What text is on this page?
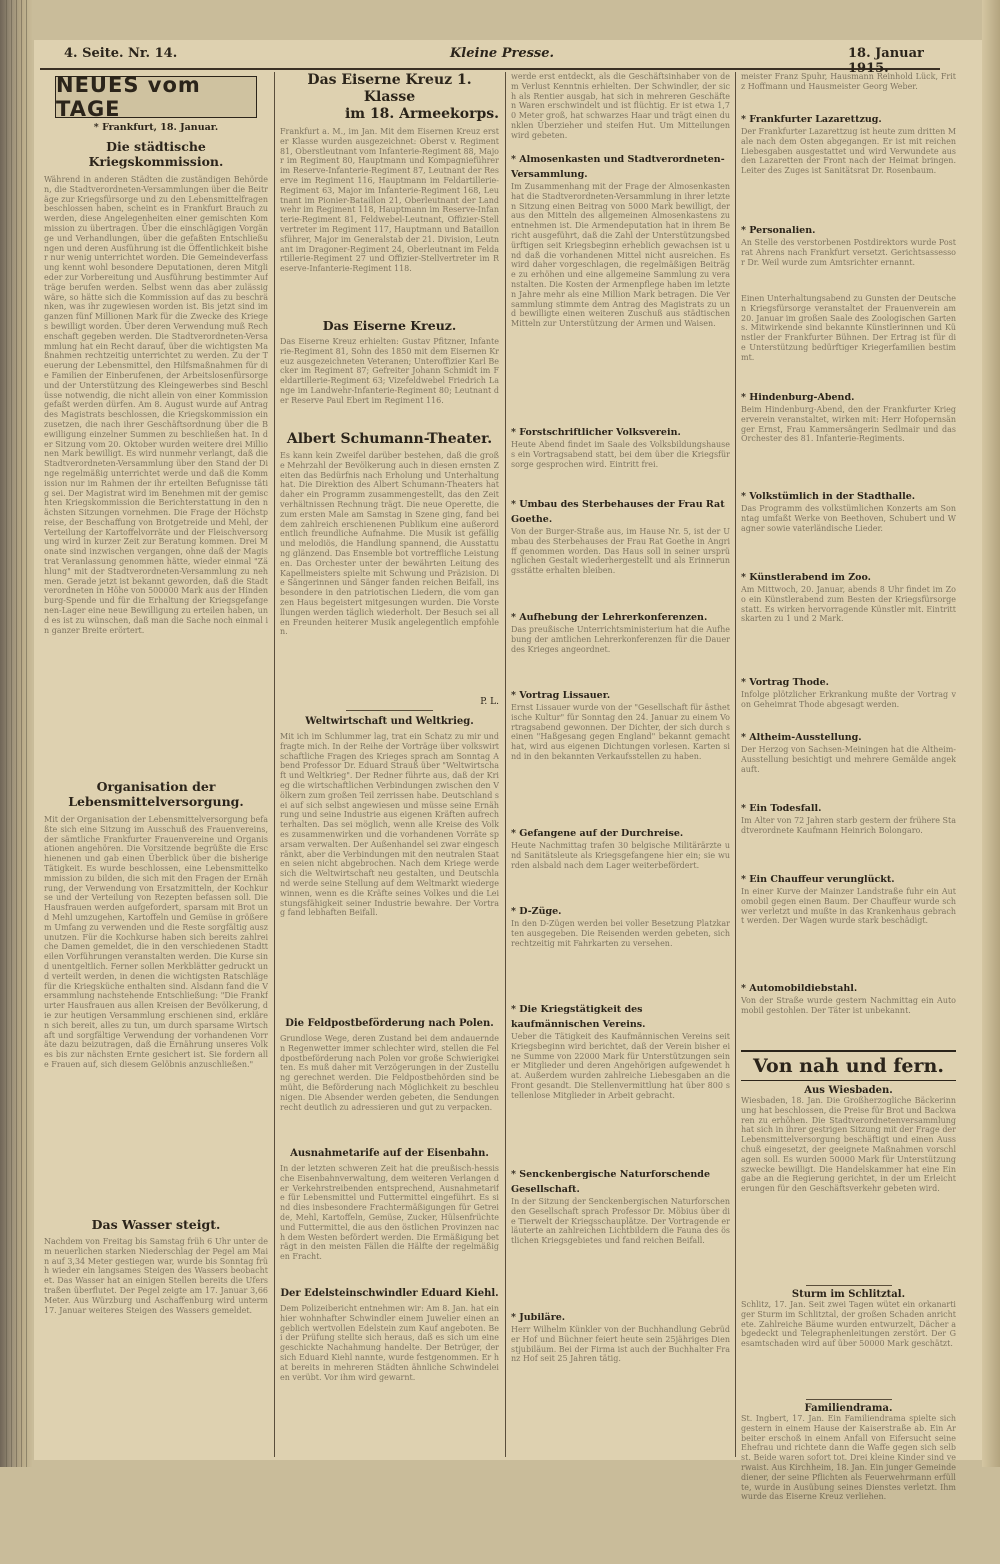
4. Seite. Nr. 14.	Kleine Presse.	18. Januar 1915.
NEUES vom TAGE
* Frankfurt, 18. Januar.
Die städtische Kriegskommission.

Während in anderen Städten die zuständigen Behörden, die Stadtverordneten-Versammlungen über die Beiträge zur Kriegsfürsorge und zu den Lebensmittelfragen beschlossen haben, scheint es in Frankfurt Brauch zu werden, diese Angelegenheiten einer gemischten Kommission zu übertragen. Über die einschlägigen Vorgänge und Verhandlungen, über die gefaßten Entschließungen und deren Ausführung ist die Öffentlichkeit bisher nur wenig unterrichtet worden. Die Gemeindeverfassung kennt wohl besondere Deputationen, deren Mitglieder zur Vorbereitung und Ausführung bestimmter Aufträge berufen werden. Selbst wenn das aber zulässig wäre, so hätte sich die Kommission auf das zu beschränken, was ihr zugewiesen worden ist. Bis jetzt sind im ganzen fünf Millionen Mark für die Zwecke des Krieges bewilligt worden. Über deren Verwendung muß Rechenschaft gegeben werden. Die Stadtverordneten-Versammlung hat ein Recht darauf, über die wichtigsten Maßnahmen rechtzeitig unterrichtet zu werden. Zu der Teuerung der Lebensmittel, den Hilfsmaßnahmen für die Familien der Einberufenen, der Arbeitslosenfürsorge und der Unterstützung des Kleingewerbes sind Beschlüsse notwendig, die nicht allein von einer Kommission gefaßt werden dürfen. Am 8. August wurde auf Antrag des Magistrats beschlossen, die Kriegskommission einzusetzen, die nach ihrer Geschäftsordnung über die Bewilligung einzelner Summen zu beschließen hat. In der Sitzung vom 20. Oktober wurden weitere drei Millionen Mark bewilligt. Es wird nunmehr verlangt, daß die Stadtverordneten-Versammlung über den Stand der Dinge regelmäßig unterrichtet werde und daß die Kommission nur im Rahmen der ihr erteilten Befugnisse tätig sei. Der Magistrat wird im Benehmen mit der gemischten Kriegskommission die Berichterstattung in den nächsten Sitzungen vornehmen. Die Frage der Höchstpreise, der Beschaffung von Brotgetreide und Mehl, der Verteilung der Kartoffelvorräte und der Fleischversorgung wird in kurzer Zeit zur Beratung kommen. Drei Monate sind inzwischen vergangen, ohne daß der Magistrat Veranlassung genommen hätte, wieder einmal "Zählung" mit der Stadtverordneten-Versammlung zu nehmen. Gerade jetzt ist bekannt geworden, daß die Stadtverordneten in Höhe von 500000 Mark aus der Hindenburg-Spende und für die Erhaltung der Kriegsgefangenen-Lager eine neue Bewilligung zu erteilen haben, und es ist zu wünschen, daß man die Sache noch einmal in ganzer Breite erörtert.

Organisation der Lebensmittelversorgung.

Mit der Organisation der Lebensmittelversorgung befaßte sich eine Sitzung im Ausschuß des Frauenvereins, der sämtliche Frankfurter Frauenvereine und Organisationen angehören. Die Vorsitzende begrüßte die Erschienenen und gab einen Überblick über die bisherige Tätigkeit. Es wurde beschlossen, eine Lebensmittelkommission zu bilden, die sich mit den Fragen der Ernährung, der Verwendung von Ersatzmitteln, der Kochkurse und der Verteilung von Rezepten befassen soll. Die Hausfrauen werden aufgefordert, sparsam mit Brot und Mehl umzugehen, Kartoffeln und Gemüse in größerem Umfang zu verwenden und die Reste sorgfältig auszunutzen. Für die Kochkurse haben sich bereits zahlreiche Damen gemeldet, die in den verschiedenen Stadtteilen Vorführungen veranstalten werden. Die Kurse sind unentgeltlich. Ferner sollen Merkblätter gedruckt und verteilt werden, in denen die wichtigsten Ratschläge für die Kriegsküche enthalten sind. Alsdann fand die Versammlung nachstehende Entschließung: "Die Frankfurter Hausfrauen aus allen Kreisen der Bevölkerung, die zur heutigen Versammlung erschienen sind, erklären sich bereit, alles zu tun, um durch sparsame Wirtschaft und sorgfältige Verwendung der vorhandenen Vorräte dazu beizutragen, daß die Ernährung unseres Volkes bis zur nächsten Ernte gesichert ist. Sie fordern alle Frauen auf, sich diesem Gelöbnis anzuschließen."

Das Wasser steigt.

Nachdem von Freitag bis Samstag früh 6 Uhr unter dem neuerlichen starken Niederschlag der Pegel am Main auf 3,34 Meter gestiegen war, wurde bis Sonntag früh wieder ein langsames Steigen des Wassers beobachtet. Das Wasser hat an einigen Stellen bereits die Uferstraßen überflutet. Der Pegel zeigte am 17. Januar 3,66 Meter. Aus Würzburg und Aschaffenburg wird unterm 17. Januar weiteres Steigen des Wassers gemeldet.

Das Eiserne Kreuz 1. Klasse
im 18. Armeekorps.

Frankfurt a. M., im Jan. Mit dem Eisernen Kreuz erster Klasse wurden ausgezeichnet: Oberst v. Regiment 81, Oberstleutnant vom Infanterie-Regiment 88, Major im Regiment 80, Hauptmann und Kompagnieführer im Reserve-Infanterie-Regiment 87, Leutnant der Reserve im Regiment 116, Hauptmann im Feldartillerie-Regiment 63, Major im Infanterie-Regiment 168, Leutnant im Pionier-Bataillon 21, Oberleutnant der Landwehr im Regiment 118, Hauptmann im Reserve-Infanterie-Regiment 81, Feldwebel-Leutnant, Offizier-Stellvertreter im Regiment 117, Hauptmann und Bataillonsführer, Major im Generalstab der 21. Division, Leutnant im Dragoner-Regiment 24, Oberleutnant im Feldartillerie-Regiment 27 und Offizier-Stellvertreter im Reserve-Infanterie-Regiment 118.

Das Eiserne Kreuz.

Das Eiserne Kreuz erhielten: Gustav Pfitzner, Infanterie-Regiment 81, Sohn des 1850 mit dem Eisernen Kreuz ausgezeichneten Veteranen; Unteroffizier Karl Becker im Regiment 87; Gefreiter Johann Schmidt im Feldartillerie-Regiment 63; Vizefeldwebel Friedrich Lange im Landwehr-Infanterie-Regiment 80; Leutnant der Reserve Paul Ebert im Regiment 116.

Albert Schumann-Theater.

Es kann kein Zweifel darüber bestehen, daß die große Mehrzahl der Bevölkerung auch in diesen ernsten Zeiten das Bedürfnis nach Erholung und Unterhaltung hat. Die Direktion des Albert Schumann-Theaters hat daher ein Programm zusammengestellt, das den Zeitverhältnissen Rechnung trägt. Die neue Operette, die zum ersten Male am Samstag in Szene ging, fand bei dem zahlreich erschienenen Publikum eine außerordentlich freundliche Aufnahme. Die Musik ist gefällig und melodiös, die Handlung spannend, die Ausstattung glänzend. Das Ensemble bot vortreffliche Leistungen. Das Orchester unter der bewährten Leitung des Kapellmeisters spielte mit Schwung und Präzision. Die Sängerinnen und Sänger fanden reichen Beifall, insbesondere in den patriotischen Liedern, die vom ganzen Haus begeistert mitgesungen wurden. Die Vorstellungen werden täglich wiederholt. Der Besuch sei allen Freunden heiterer Musik angelegentlich empfohlen.

P. L.
Weltwirtschaft und Weltkrieg.

Mit ich im Schlummer lag, trat ein Schatz zu mir und fragte mich. In der Reihe der Vorträge über volkswirtschaftliche Fragen des Krieges sprach am Sonntag Abend Professor Dr. Eduard Strauß über "Weltwirtschaft und Weltkrieg". Der Redner führte aus, daß der Krieg die wirtschaftlichen Verbindungen zwischen den Völkern zum großen Teil zerrissen habe. Deutschland sei auf sich selbst angewiesen und müsse seine Ernährung und seine Industrie aus eigenen Kräften aufrechterhalten. Das sei möglich, wenn alle Kreise des Volkes zusammenwirken und die vorhandenen Vorräte sparsam verwalten. Der Außenhandel sei zwar eingeschränkt, aber die Verbindungen mit den neutralen Staaten seien nicht abgebrochen. Nach dem Kriege werde sich die Weltwirtschaft neu gestalten, und Deutschland werde seine Stellung auf dem Weltmarkt wiedergewinnen, wenn es die Kräfte seines Volkes und die Leistungsfähigkeit seiner Industrie bewahre. Der Vortrag fand lebhaften Beifall.

Die Feldpostbeförderung nach Polen.

Grundlose Wege, deren Zustand bei dem andauernden Regenwetter immer schlechter wird, stellen die Feldpostbeförderung nach Polen vor große Schwierigkeiten. Es muß daher mit Verzögerungen in der Zustellung gerechnet werden. Die Feldpostbehörden sind bemüht, die Beförderung nach Möglichkeit zu beschleunigen. Die Absender werden gebeten, die Sendungen recht deutlich zu adressieren und gut zu verpacken.

Ausnahmetarife auf der Eisenbahn.

In der letzten schweren Zeit hat die preußisch-hessische Eisenbahnverwaltung, dem weiteren Verlangen der Verkehrstreibenden entsprechend, Ausnahmetarife für Lebensmittel und Futtermittel eingeführt. Es sind dies insbesondere Frachtermäßigungen für Getreide, Mehl, Kartoffeln, Gemüse, Zucker, Hülsenfrüchte und Futtermittel, die aus den östlichen Provinzen nach dem Westen befördert werden. Die Ermäßigung beträgt in den meisten Fällen die Hälfte der regelmäßigen Fracht.

Der Edelsteinschwindler Eduard Kiehl.

Dem Polizeibericht entnehmen wir: Am 8. Jan. hat ein hier wohnhafter Schwindler einem Juwelier einen angeblich wertvollen Edelstein zum Kauf angeboten. Bei der Prüfung stellte sich heraus, daß es sich um eine geschickte Nachahmung handelte. Der Betrüger, der sich Eduard Kiehl nannte, wurde festgenommen. Er hat bereits in mehreren Städten ähnliche Schwindeleien verübt. Vor ihm wird gewarnt.

werde erst entdeckt, als die Geschäftsinhaber von dem Verlust Kenntnis erhielten. Der Schwindler, der sich als Rentier ausgab, hat sich in mehreren Geschäften Waren erschwindelt und ist flüchtig. Er ist etwa 1,70 Meter groß, hat schwarzes Haar und trägt einen dunklen Überzieher und steifen Hut. Um Mitteilungen wird gebeten.

* Almosenkasten und Stadtverordneten-Versammlung.

Im Zusammenhang mit der Frage der Almosenkasten hat die Stadtverordneten-Versammlung in ihrer letzten Sitzung einen Beitrag von 5000 Mark bewilligt, der aus den Mitteln des allgemeinen Almosenkastens zu entnehmen ist. Die Armendeputation hat in ihrem Bericht ausgeführt, daß die Zahl der Unterstützungsbedürftigen seit Kriegsbeginn erheblich gewachsen ist und daß die vorhandenen Mittel nicht ausreichen. Es wird daher vorgeschlagen, die regelmäßigen Beiträge zu erhöhen und eine allgemeine Sammlung zu veranstalten. Die Kosten der Armenpflege haben im letzten Jahre mehr als eine Million Mark betragen. Die Versammlung stimmte dem Antrag des Magistrats zu und bewilligte einen weiteren Zuschuß aus städtischen Mitteln zur Unterstützung der Armen und Waisen.

* Forstschriftlicher Volksverein.

Heute Abend findet im Saale des Volksbildungshauses ein Vortragsabend statt, bei dem über die Kriegsfürsorge gesprochen wird. Eintritt frei.

* Umbau des Sterbehauses der Frau Rat Goethe.

Von der Burger-Straße aus, im Hause Nr. 5, ist der Umbau des Sterbehauses der Frau Rat Goethe in Angriff genommen worden. Das Haus soll in seiner ursprünglichen Gestalt wiederhergestellt und als Erinnerungsstätte erhalten bleiben.

* Aufhebung der Lehrerkonferenzen.

Das preußische Unterrichtsministerium hat die Aufhebung der amtlichen Lehrerkonferenzen für die Dauer des Krieges angeordnet.

* Vortrag Lissauer.

Ernst Lissauer wurde von der "Gesellschaft für ästhetische Kultur" für Sonntag den 24. Januar zu einem Vortragsabend gewonnen. Der Dichter, der sich durch seinen "Haßgesang gegen England" bekannt gemacht hat, wird aus eigenen Dichtungen vorlesen. Karten sind in den bekannten Verkaufsstellen zu haben.

* Gefangene auf der Durchreise.

Heute Nachmittag trafen 30 belgische Militärärzte und Sanitätsleute als Kriegsgefangene hier ein; sie wurden alsbald nach dem Lager weiterbefördert.

* D-Züge.

In den D-Zügen werden bei voller Besetzung Platzkarten ausgegeben. Die Reisenden werden gebeten, sich rechtzeitig mit Fahrkarten zu versehen.

* Die Kriegstätigkeit des kaufmännischen Vereins.

Ueber die Tätigkeit des Kaufmännischen Vereins seit Kriegsbeginn wird berichtet, daß der Verein bisher eine Summe von 22000 Mark für Unterstützungen seiner Mitglieder und deren Angehörigen aufgewendet hat. Außerdem wurden zahlreiche Liebesgaben an die Front gesandt. Die Stellenvermittlung hat über 800 stellenlose Mitglieder in Arbeit gebracht.

* Senckenbergische Naturforschende Gesellschaft.

In der Sitzung der Senckenbergischen Naturforschenden Gesellschaft sprach Professor Dr. Möbius über die Tierwelt der Kriegsschauplätze. Der Vortragende erläuterte an zahlreichen Lichtbildern die Fauna des östlichen Kriegsgebietes und fand reichen Beifall.

* Jubiläre.

Herr Wilhelm Künkler von der Buchhandlung Gebrüder Hof und Büchner feiert heute sein 25jähriges Dienstjubiläum. Bei der Firma ist auch der Buchhalter Franz Hof seit 25 Jahren tätig.

meister Franz Spuhr, Hausmann Reinhold Lück, Fritz Hoffmann und Hausmeister Georg Weber.

* Frankfurter Lazarettzug.

Der Frankfurter Lazarettzug ist heute zum dritten Male nach dem Osten abgegangen. Er ist mit reichen Liebesgaben ausgestattet und wird Verwundete aus den Lazaretten der Front nach der Heimat bringen. Leiter des Zuges ist Sanitätsrat Dr. Rosenbaum.

* Personalien.

An Stelle des verstorbenen Postdirektors wurde Postrat Ahrens nach Frankfurt versetzt. Gerichtsassessor Dr. Weil wurde zum Amtsrichter ernannt.

Einen Unterhaltungsabend zu Gunsten der Deutschen Kriegsfürsorge veranstaltet der Frauenverein am 20. Januar im großen Saale des Zoologischen Gartens. Mitwirkende sind bekannte Künstlerinnen und Künstler der Frankfurter Bühnen. Der Ertrag ist für die Unterstützung bedürftiger Kriegerfamilien bestimmt.

* Hindenburg-Abend.

Beim Hindenburg-Abend, den der Frankfurter Kriegerverein veranstaltet, wirken mit: Herr Hofopernsänger Ernst, Frau Kammersängerin Sedlmair und das Orchester des 81. Infanterie-Regiments.

* Volkstümlich in der Stadthalle.

Das Programm des volkstümlichen Konzerts am Sonntag umfaßt Werke von Beethoven, Schubert und Wagner sowie vaterländische Lieder.

* Künstlerabend im Zoo.

Am Mittwoch, 20. Januar, abends 8 Uhr findet im Zoo ein Künstlerabend zum Besten der Kriegsfürsorge statt. Es wirken hervorragende Künstler mit. Eintrittskarten zu 1 und 2 Mark.

* Vortrag Thode.

Infolge plötzlicher Erkrankung mußte der Vortrag von Geheimrat Thode abgesagt werden.

* Altheim-Ausstellung.

Der Herzog von Sachsen-Meiningen hat die Altheim-Ausstellung besichtigt und mehrere Gemälde angekauft.

* Ein Todesfall.

Im Alter von 72 Jahren starb gestern der frühere Stadtverordnete Kaufmann Heinrich Bolongaro.

* Ein Chauffeur verunglückt.

In einer Kurve der Mainzer Landstraße fuhr ein Automobil gegen einen Baum. Der Chauffeur wurde schwer verletzt und mußte in das Krankenhaus gebracht werden. Der Wagen wurde stark beschädigt.

* Automobildiebstahl.

Von der Straße wurde gestern Nachmittag ein Automobil gestohlen. Der Täter ist unbekannt.

Von nah und fern.
Aus Wiesbaden.

Wiesbaden, 18. Jan. Die Großherzogliche Bäckerinnung hat beschlossen, die Preise für Brot und Backwaren zu erhöhen. Die Stadtverordnetenversammlung hat sich in ihrer gestrigen Sitzung mit der Frage der Lebensmittelversorgung beschäftigt und einen Ausschuß eingesetzt, der geeignete Maßnahmen vorschlagen soll. Es wurden 50000 Mark für Unterstützungszwecke bewilligt. Die Handelskammer hat eine Eingabe an die Regierung gerichtet, in der um Erleichterungen für den Geschäftsverkehr gebeten wird.

Sturm im Schlitztal.

Schlitz, 17. Jan. Seit zwei Tagen wütet ein orkanartiger Sturm im Schlitztal, der großen Schaden anrichtete. Zahlreiche Bäume wurden entwurzelt, Dächer abgedeckt und Telegraphenleitungen zerstört. Der Gesamtschaden wird auf über 50000 Mark geschätzt.

Familiendrama.

St. Ingbert, 17. Jan. Ein Familiendrama spielte sich gestern in einem Hause der Kaiserstraße ab. Ein Arbeiter erschoß in einem Anfall von Eifersucht seine Ehefrau und richtete dann die Waffe gegen sich selbst. Beide waren sofort tot. Drei kleine Kinder sind verwaist. Aus Kirchheim, 18. Jan. Ein junger Gemeindediener, der seine Pflichten als Feuerwehrmann erfüllte, wurde in Ausübung seines Dienstes verletzt. Ihm wurde das Eiserne Kreuz verliehen.
